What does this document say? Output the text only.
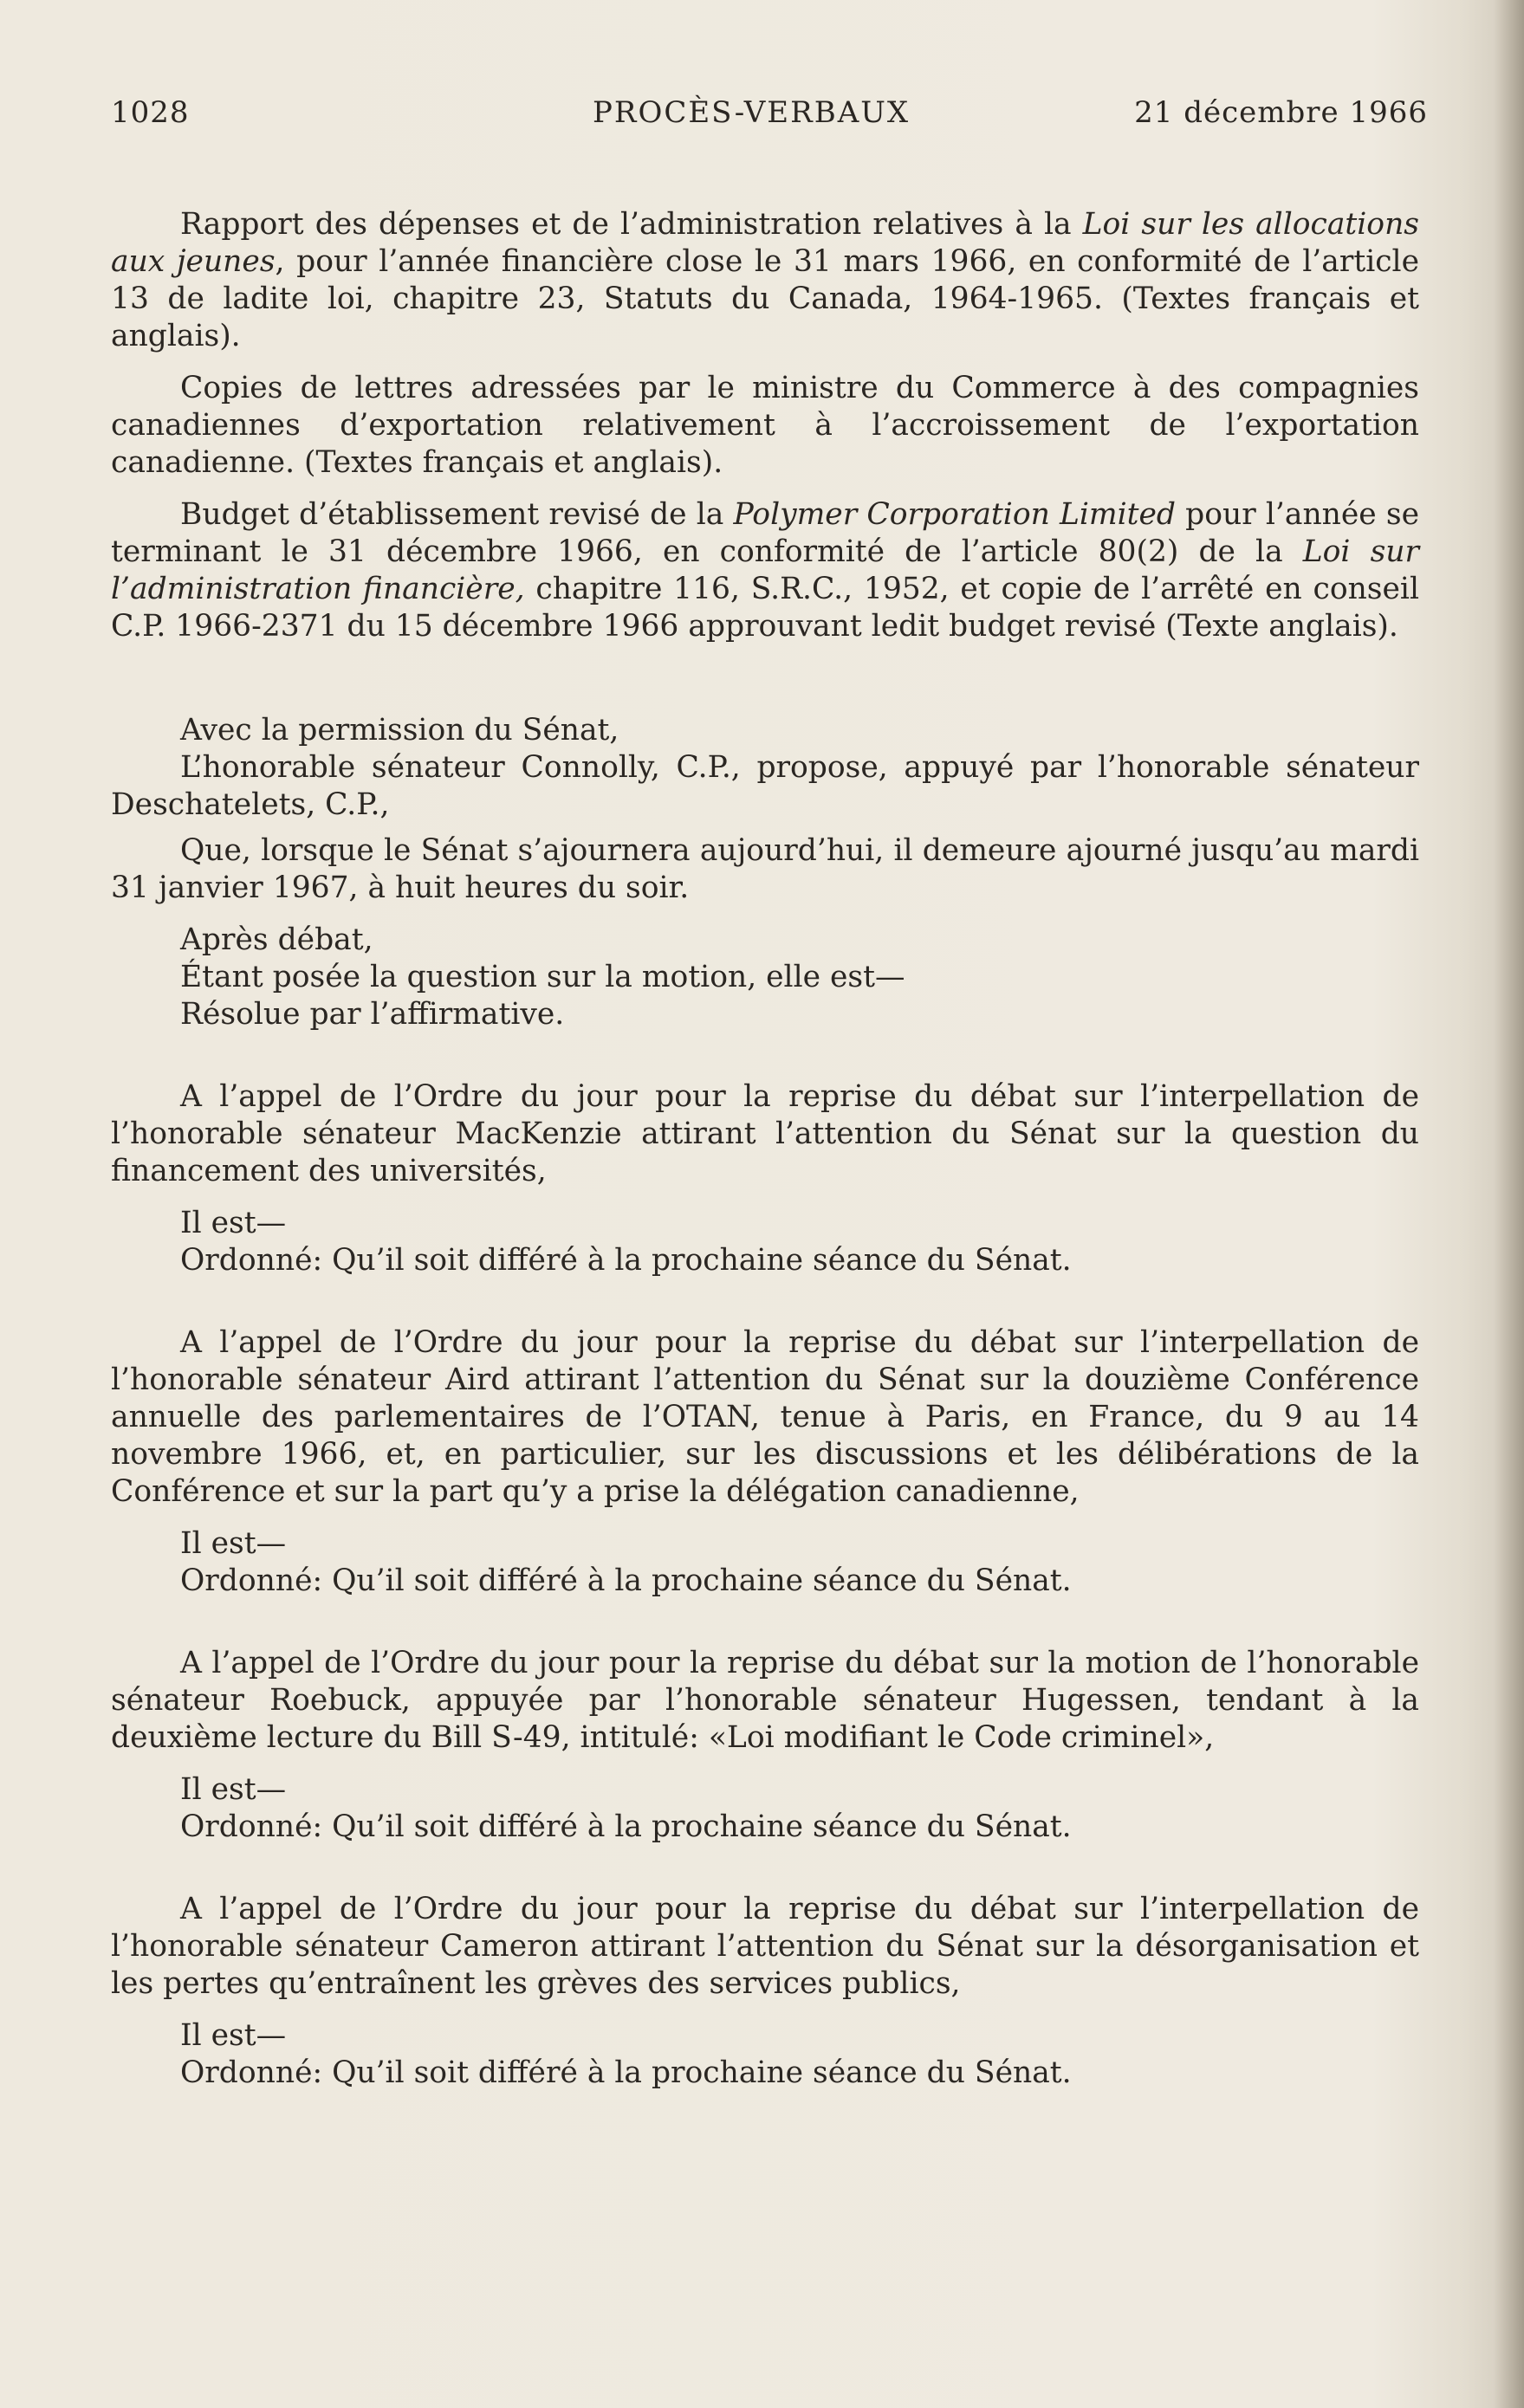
1028	PROCÈS-VERBAUX	21 décembre 1966

Rapport des dépenses et de l’administration relatives à la Loi sur les allocations aux jeunes, pour l’année financière close le 31 mars 1966, en conformité de l’article 13 de ladite loi, chapitre 23, Statuts du Canada, 1964-1965. (Textes français et anglais).

Copies de lettres adressées par le ministre du Commerce à des compagnies canadiennes d’exportation relativement à l’accroissement de l’exportation canadienne. (Textes français et anglais).

Budget d’établissement revisé de la Polymer Corporation Limited pour l’année se terminant le 31 décembre 1966, en conformité de l’article 80(2) de la Loi sur l’administration financière, chapitre 116, S.R.C., 1952, et copie de l’arrêté en conseil C.P. 1966-2371 du 15 décembre 1966 approuvant ledit budget revisé (Texte anglais).

Avec la permission du Sénat,

L’honorable sénateur Connolly, C.P., propose, appuyé par l’honorable sénateur Deschatelets, C.P.,

Que, lorsque le Sénat s’ajournera aujourd’hui, il demeure ajourné jusqu’au mardi 31 janvier 1967, à huit heures du soir.

Après débat,

Étant posée la question sur la motion, elle est—

Résolue par l’affirmative.

A l’appel de l’Ordre du jour pour la reprise du débat sur l’interpellation de l’honorable sénateur MacKenzie attirant l’attention du Sénat sur la question du financement des universités,

Il est—

Ordonné: Qu’il soit différé à la prochaine séance du Sénat.

A l’appel de l’Ordre du jour pour la reprise du débat sur l’interpellation de l’honorable sénateur Aird attirant l’attention du Sénat sur la douzième Conférence annuelle des parlementaires de l’OTAN, tenue à Paris, en France, du 9 au 14 novembre 1966, et, en particulier, sur les discussions et les délibérations de la Conférence et sur la part qu’y a prise la délégation canadienne,

Il est—

Ordonné: Qu’il soit différé à la prochaine séance du Sénat.

A l’appel de l’Ordre du jour pour la reprise du débat sur la motion de l’honorable sénateur Roebuck, appuyée par l’honorable sénateur Hugessen, tendant à la deuxième lecture du Bill S-49, intitulé: «Loi modifiant le Code criminel»,

Il est—

Ordonné: Qu’il soit différé à la prochaine séance du Sénat.

A l’appel de l’Ordre du jour pour la reprise du débat sur l’interpellation de l’honorable sénateur Cameron attirant l’attention du Sénat sur la désorganisation et les pertes qu’entraînent les grèves des services publics,

Il est—

Ordonné: Qu’il soit différé à la prochaine séance du Sénat.
